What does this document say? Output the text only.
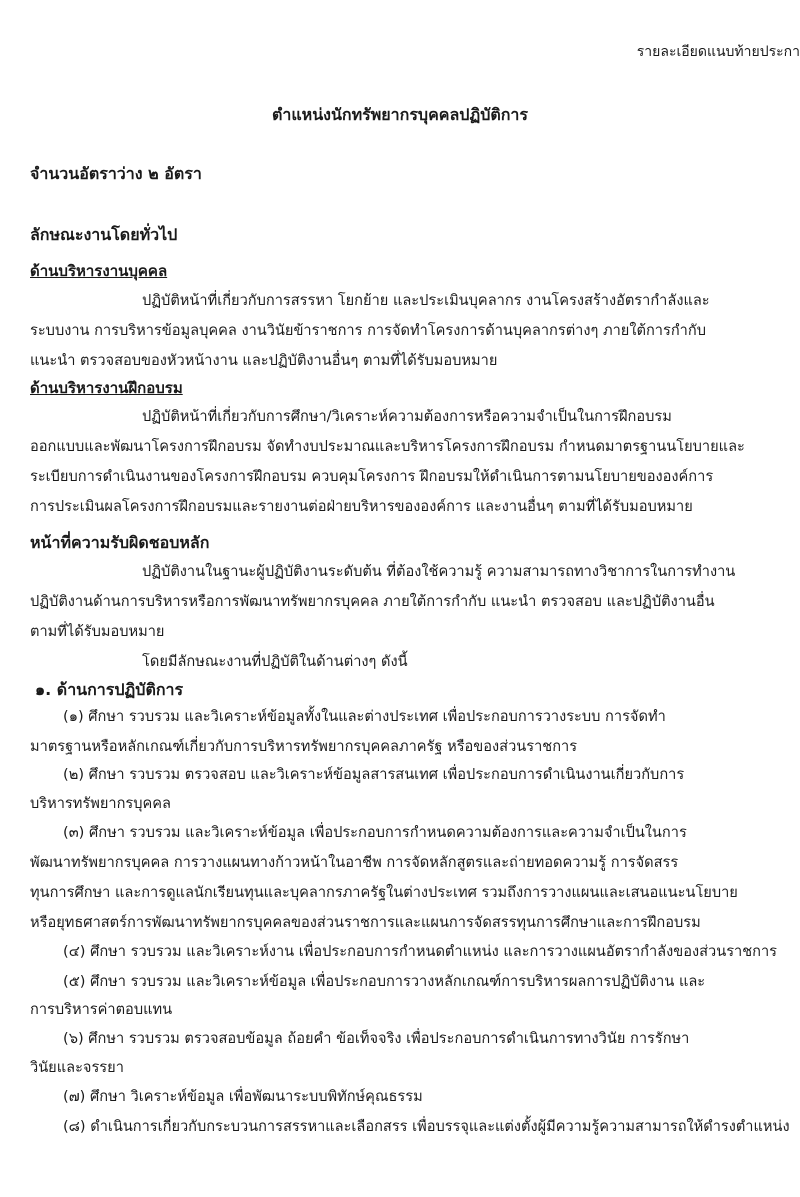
รายละเอียดแนบท้ายประกา
ตำแหน่งนักทรัพยากรบุคคลปฏิบัติการ
จำนวนอัตราว่าง ๒ อัตรา
ลักษณะงานโดยทั่วไป
ด้านบริหารงานบุคคล
ปฏิบัติหน้าที่เกี่ยวกับการสรรหา โยกย้าย และประเมินบุคลากร งานโครงสร้างอัตรากำลังและ
ระบบงาน การบริหารข้อมูลบุคคล งานวินัยข้าราชการ การจัดทำโครงการด้านบุคลากรต่างๆ ภายใต้การกำกับ
แนะนำ ตรวจสอบของหัวหน้างาน และปฏิบัติงานอื่นๆ ตามที่ได้รับมอบหมาย
ด้านบริหารงานฝึกอบรม
ปฏิบัติหน้าที่เกี่ยวกับการศึกษา/วิเคราะห์ความต้องการหรือความจำเป็นในการฝึกอบรม
ออกแบบและพัฒนาโครงการฝึกอบรม จัดทำงบประมาณและบริหารโครงการฝึกอบรม กำหนดมาตรฐานนโยบายและ
ระเบียบการดำเนินงานของโครงการฝึกอบรม ควบคุมโครงการ ฝึกอบรมให้ดำเนินการตามนโยบายขององค์การ
การประเมินผลโครงการฝึกอบรมและรายงานต่อฝ่ายบริหารขององค์การ และงานอื่นๆ ตามที่ได้รับมอบหมาย
หน้าที่ความรับผิดชอบหลัก
ปฏิบัติงานในฐานะผู้ปฏิบัติงานระดับต้น ที่ต้องใช้ความรู้ ความสามารถทางวิชาการในการทำงาน
ปฏิบัติงานด้านการบริหารหรือการพัฒนาทรัพยากรบุคคล ภายใต้การกำกับ แนะนำ ตรวจสอบ และปฏิบัติงานอื่น
ตามที่ได้รับมอบหมาย
โดยมีลักษณะงานที่ปฏิบัติในด้านต่างๆ ดังนี้
๑. ด้านการปฏิบัติการ
(๑) ศึกษา รวบรวม และวิเคราะห์ข้อมูลทั้งในและต่างประเทศ เพื่อประกอบการวางระบบ การจัดทำ
มาตรฐานหรือหลักเกณฑ์เกี่ยวกับการบริหารทรัพยากรบุคคลภาครัฐ หรือของส่วนราชการ
(๒) ศึกษา รวบรวม ตรวจสอบ และวิเคราะห์ข้อมูลสารสนเทศ เพื่อประกอบการดำเนินงานเกี่ยวกับการ
บริหารทรัพยากรบุคคล
(๓) ศึกษา รวบรวม และวิเคราะห์ข้อมูล เพื่อประกอบการกำหนดความต้องการและความจำเป็นในการ
พัฒนาทรัพยากรบุคคล การวางแผนทางก้าวหน้าในอาชีพ การจัดหลักสูตรและถ่ายทอดความรู้ การจัดสรร
ทุนการศึกษา และการดูแลนักเรียนทุนและบุคลากรภาครัฐในต่างประเทศ รวมถึงการวางแผนและเสนอแนะนโยบาย
หรือยุทธศาสตร์การพัฒนาทรัพยากรบุคคลของส่วนราชการและแผนการจัดสรรทุนการศึกษาและการฝึกอบรม
(๔) ศึกษา รวบรวม และวิเคราะห์งาน เพื่อประกอบการกำหนดตำแหน่ง และการวางแผนอัตรากำลังของส่วนราชการ
(๕) ศึกษา รวบรวม และวิเคราะห์ข้อมูล เพื่อประกอบการวางหลักเกณฑ์การบริหารผลการปฏิบัติงาน และ
การบริหารค่าตอบแทน
(๖) ศึกษา รวบรวม ตรวจสอบข้อมูล ถ้อยคำ ข้อเท็จจริง เพื่อประกอบการดำเนินการทางวินัย การรักษา
วินัยและจรรยา
(๗) ศึกษา วิเคราะห์ข้อมูล เพื่อพัฒนาระบบพิทักษ์คุณธรรม
(๘) ดำเนินการเกี่ยวกับกระบวนการสรรหาและเลือกสรร เพื่อบรรจุและแต่งตั้งผู้มีความรู้ความสามารถให้ดำรงตำแหน่ง
